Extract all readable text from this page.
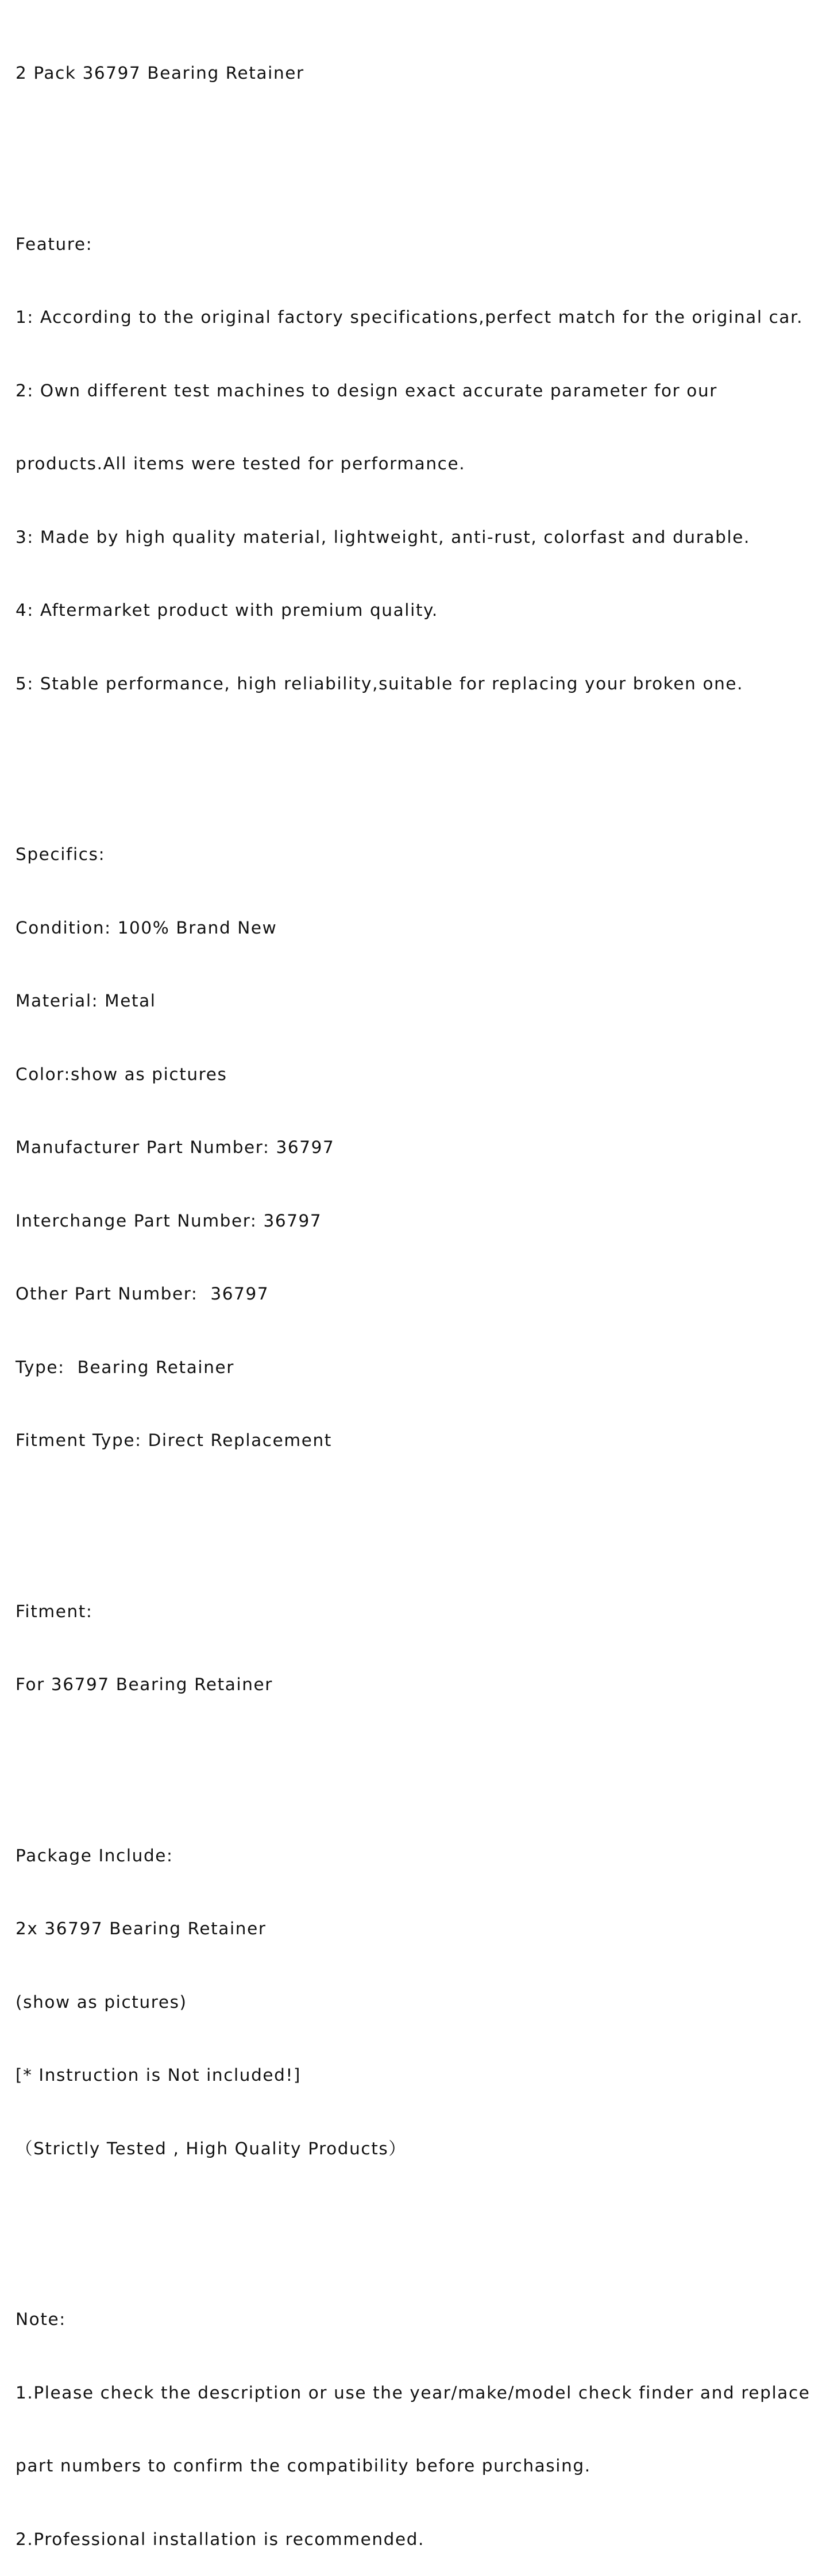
2 Pack 36797 Bearing Retainer

Feature:

1: According to the original factory specifications,perfect match for the original car.

2: Own different test machines to design exact accurate parameter for our

products.All items were tested for performance.

3: Made by high quality material, lightweight, anti-rust, colorfast and durable.

4: Aftermarket product with premium quality.

5: Stable performance, high reliability,suitable for replacing your broken one.

Specifics:

Condition: 100% Brand New

Material: Metal

Color:show as pictures

Manufacturer Part Number: 36797

Interchange Part Number: 36797

Other Part Number:  36797

Type:  Bearing Retainer

Fitment Type: Direct Replacement

Fitment:

For 36797 Bearing Retainer

Package Include:

2x 36797 Bearing Retainer

(show as pictures)

[* Instruction is Not included!]

（Strictly Tested , High Quality Products）

Note:

1.Please check the description or use the year/make/model check finder and replace

part numbers to confirm the compatibility before purchasing.

2.Professional installation is recommended.
